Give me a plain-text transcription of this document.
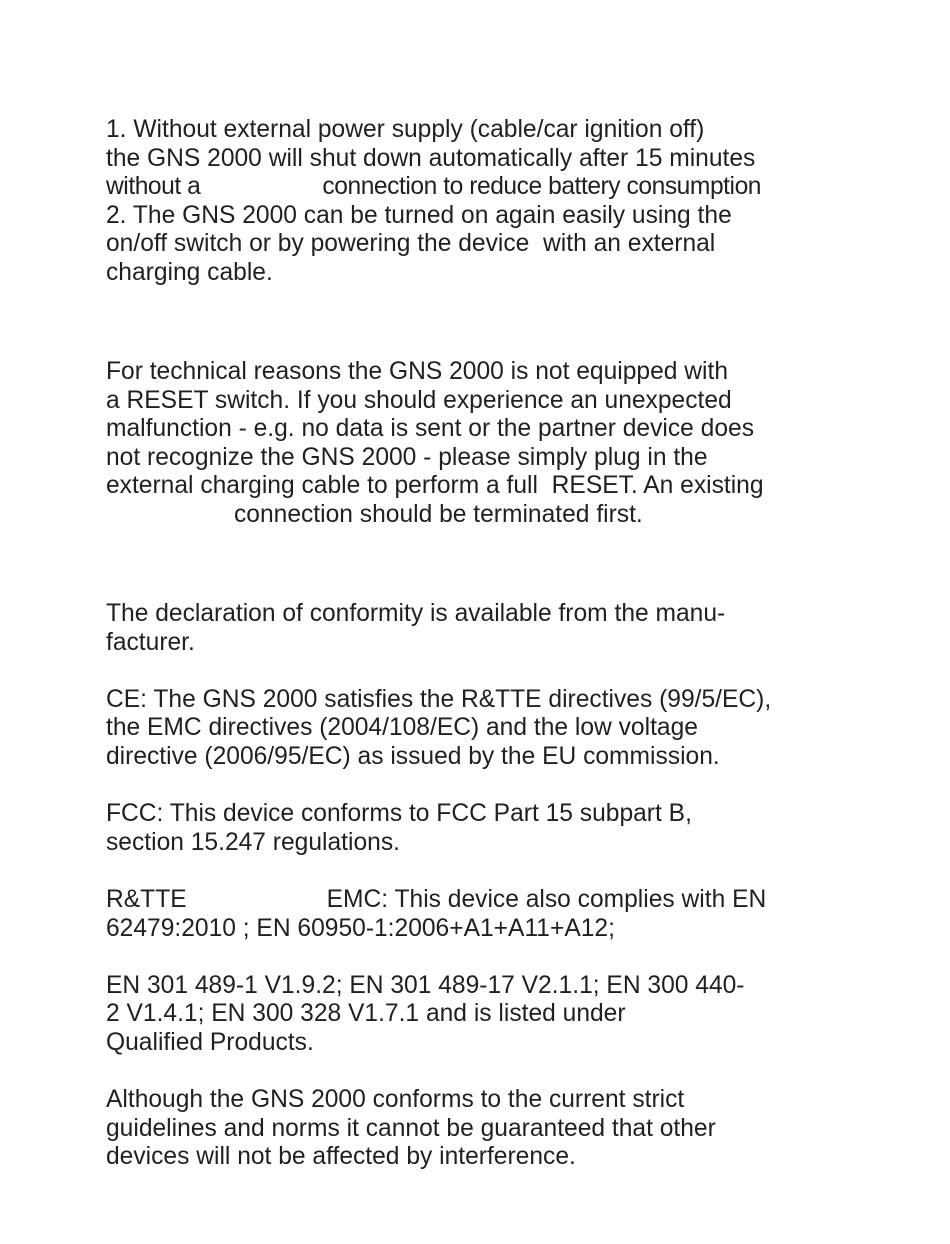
1. Without external power supply (cable/car ignition off)
the GNS 2000 will shut down automatically after 15 minutes
without a	connection to reduce battery consumption
2. The GNS 2000 can be turned on again easily using the
on/off switch or by powering the device  with an external
charging cable.
For technical reasons the GNS 2000 is not equipped with
a RESET switch. If you should experience an unexpected
malfunction - e.g. no data is sent or the partner device does
not recognize the GNS 2000 - please simply plug in the
external charging cable to perform a full  RESET. An existing
connection should be terminated first.
The declaration of conformity is available from the manu-
facturer.
CE: The GNS 2000 satisfies the R&TTE directives (99/5/EC),
the EMC directives (2004/108/EC) and the low voltage
directive (2006/95/EC) as issued by the EU commission.
FCC: This device conforms to FCC Part 15 subpart B,
section 15.247 regulations.
R&TTE	EMC: This device also complies with EN
62479:2010 ; EN 60950-1:2006+A1+A11+A12;
EN 301 489-1 V1.9.2; EN 301 489-17 V2.1.1; EN 300 440-
2 V1.4.1; EN 300 328 V1.7.1 and is listed under
Qualified Products.
Although the GNS 2000 conforms to the current strict
guidelines and norms it cannot be guaranteed that other
devices will not be affected by interference.
